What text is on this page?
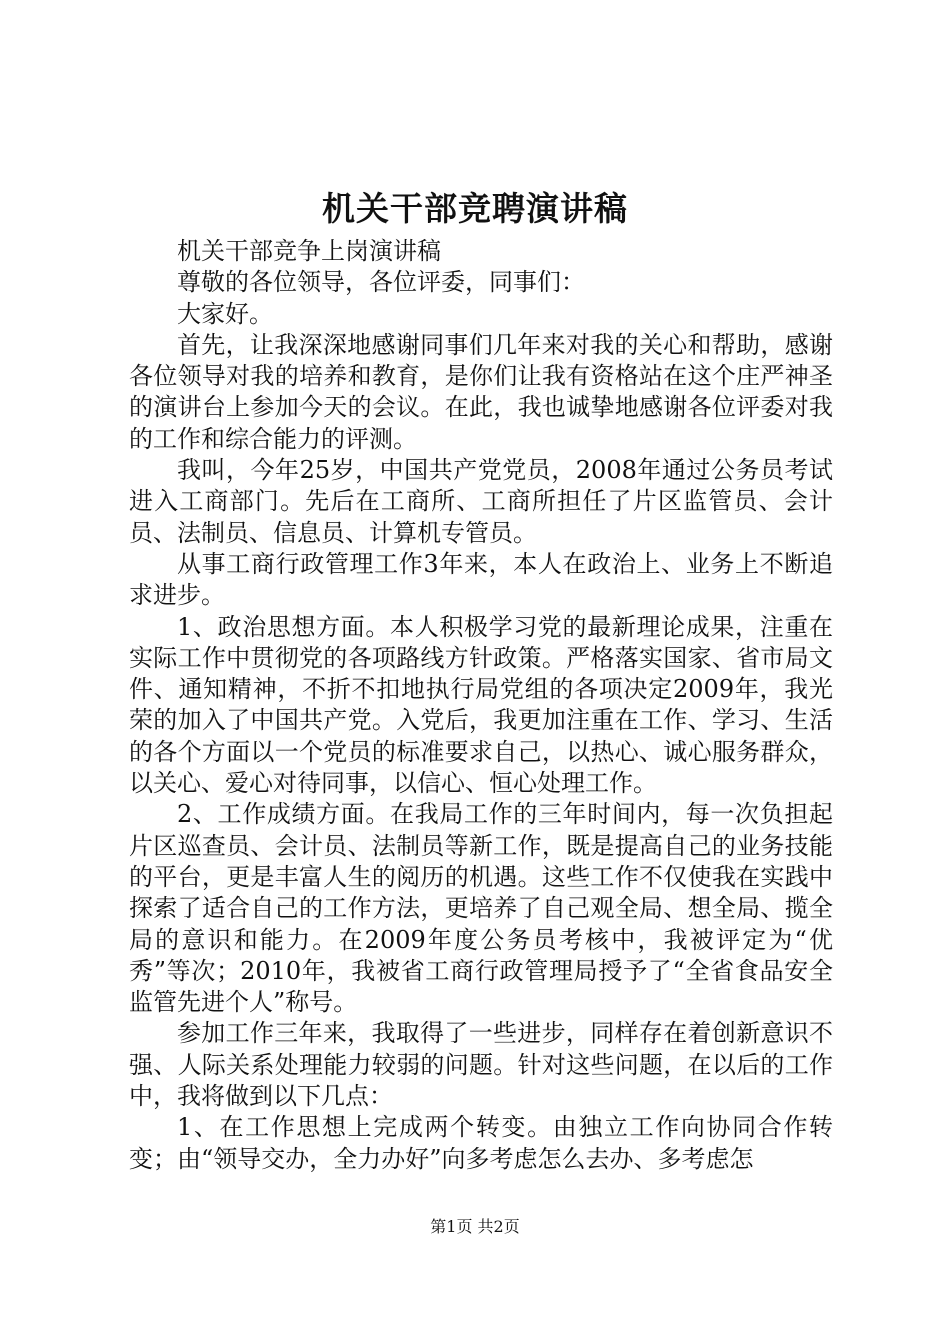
机关干部竞聘演讲稿

机关干部竞争上岗演讲稿

尊敬的各位领导，各位评委，同事们：

大家好。

首先，让我深深地感谢同事们几年来对我的关心和帮助，感谢各位领导对我的培养和教育，是你们让我有资格站在这个庄严神圣的演讲台上参加今天的会议。在此，我也诚挚地感谢各位评委对我的工作和综合能力的评测。

我叫，今年25岁，中国共产党党员，2008年通过公务员考试进入工商部门。先后在工商所、工商所担任了片区监管员、会计员、法制员、信息员、计算机专管员。

从事工商行政管理工作3年来，本人在政治上、业务上不断追求进步。

1、政治思想方面。本人积极学习党的最新理论成果，注重在实际工作中贯彻党的各项路线方针政策。严格落实国家、省市局文件、通知精神，不折不扣地执行局党组的各项决定2009年，我光荣的加入了中国共产党。入党后，我更加注重在工作、学习、生活的各个方面以一个党员的标准要求自己，以热心、诚心服务群众，以关心、爱心对待同事，以信心、恒心处理工作。

2、工作成绩方面。在我局工作的三年时间内，每一次负担起片区巡查员、会计员、法制员等新工作，既是提高自己的业务技能的平台，更是丰富人生的阅历的机遇。这些工作不仅使我在实践中探索了适合自己的工作方法，更培养了自己观全局、想全局、揽全局的意识和能力。在2009年度公务员考核中，我被评定为“优秀”等次；2010年，我被省工商行政管理局授予了“全省食品安全监管先进个人”称号。

参加工作三年来，我取得了一些进步，同样存在着创新意识不强、人际关系处理能力较弱的问题。针对这些问题，在以后的工作中，我将做到以下几点：

1、在工作思想上完成两个转变。由独立工作向协同合作转变；由“领导交办，全力办好”向多考虑怎么去办、多考虑怎

第1页 共2页
